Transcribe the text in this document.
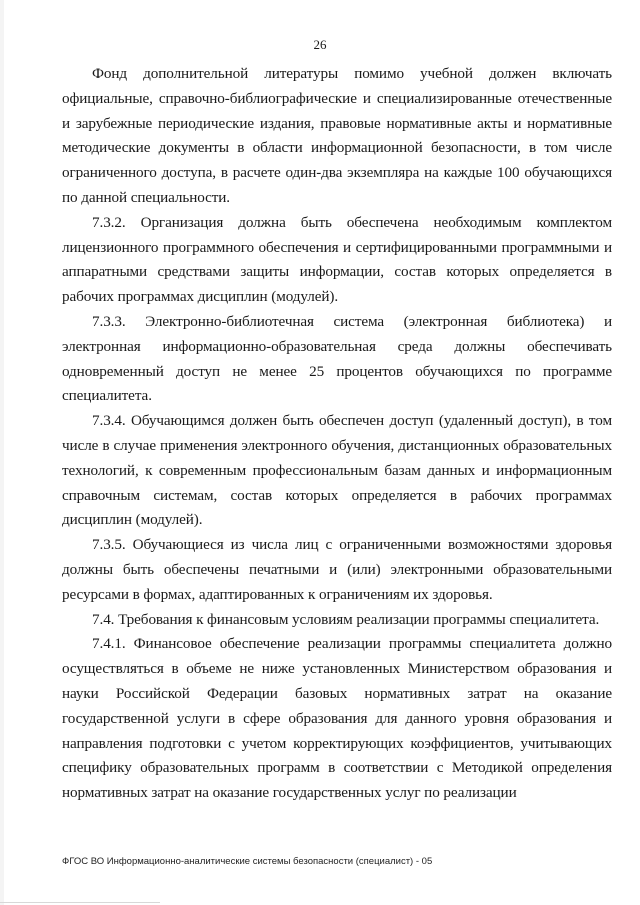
26

Фонд дополнительной литературы помимо учебной должен включать официальные, справочно-библиографические и специализированные отечественные и зарубежные периодические издания, правовые нормативные акты и нормативные методические документы в области информационной безопасности, в том числе ограниченного доступа, в расчете один-два экземпляра на каждые 100 обучающихся по данной специальности.

7.3.2. Организация должна быть обеспечена необходимым комплектом лицензионного программного обеспечения и сертифицированными программными и аппаратными средствами защиты информации, состав которых определяется в рабочих программах дисциплин (модулей).

7.3.3. Электронно-библиотечная система (электронная библиотека) и электронная информационно-образовательная среда должны обеспечивать одновременный доступ не менее 25 процентов обучающихся по программе специалитета.

7.3.4. Обучающимся должен быть обеспечен доступ (удаленный доступ), в том числе в случае применения электронного обучения, дистанционных образовательных технологий, к современным профессиональным базам данных и информационным справочным системам, состав которых определяется в рабочих программах дисциплин (модулей).

7.3.5. Обучающиеся из числа лиц с ограниченными возможностями здоровья должны быть обеспечены печатными и (или) электронными образовательными ресурсами в формах, адаптированных к ограничениям их здоровья.

7.4. Требования к финансовым условиям реализации программы специалитета.

7.4.1. Финансовое обеспечение реализации программы специалитета должно осуществляться в объеме не ниже установленных Министерством образования и науки Российской Федерации базовых нормативных затрат на оказание государственной услуги в сфере образования для данного уровня образования и направления подготовки с учетом корректирующих коэффициентов, учитывающих специфику образовательных программ в соответствии с Методикой определения нормативных затрат на оказание государственных услуг по реализации

ФГОС ВО Информационно-аналитические системы безопасности (специалист) - 05
